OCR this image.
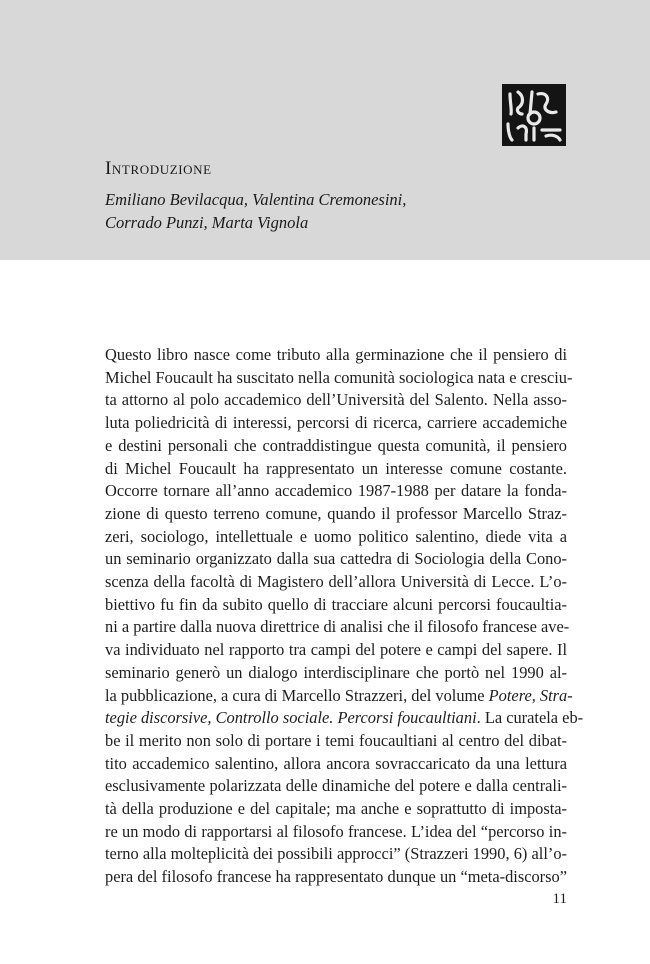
Introduzione
Emiliano Bevilacqua, Valentina Cremonesini,
Corrado Punzi, Marta Vignola
Questo libro nasce come tributo alla germinazione che il pensiero di
Michel Foucault ha suscitato nella comunità sociologica nata e cresciu-
ta attorno al polo accademico dell’Università del Salento. Nella asso-
luta poliedricità di interessi, percorsi di ricerca, carriere accademiche
e destini personali che contraddistingue questa comunità, il pensiero
di Michel Foucault ha rappresentato un interesse comune costante.
Occorre tornare all’anno accademico 1987-1988 per datare la fonda-
zione di questo terreno comune, quando il professor Marcello Straz-
zeri, sociologo, intellettuale e uomo politico salentino, diede vita a
un seminario organizzato dalla sua cattedra di Sociologia della Cono-
scenza della facoltà di Magistero dell’allora Università di Lecce. L’o-
biettivo fu fin da subito quello di tracciare alcuni percorsi foucaultia-
ni a partire dalla nuova direttrice di analisi che il filosofo francese ave-
va individuato nel rapporto tra campi del potere e campi del sapere. Il
seminario generò un dialogo interdisciplinare che portò nel 1990 al-
la pubblicazione, a cura di Marcello Strazzeri, del volume Potere, Stra-
tegie discorsive, Controllo sociale. Percorsi foucaultiani. La curatela eb-
be il merito non solo di portare i temi foucaultiani al centro del dibat-
tito accademico salentino, allora ancora sovraccaricato da una lettura
esclusivamente polarizzata delle dinamiche del potere e dalla centrali-
tà della produzione e del capitale; ma anche e soprattutto di imposta-
re un modo di rapportarsi al filosofo francese. L’idea del “percorso in-
terno alla molteplicità dei possibili approcci” (Strazzeri 1990, 6) all’o-
pera del filosofo francese ha rappresentato dunque un “meta-discorso”
11
